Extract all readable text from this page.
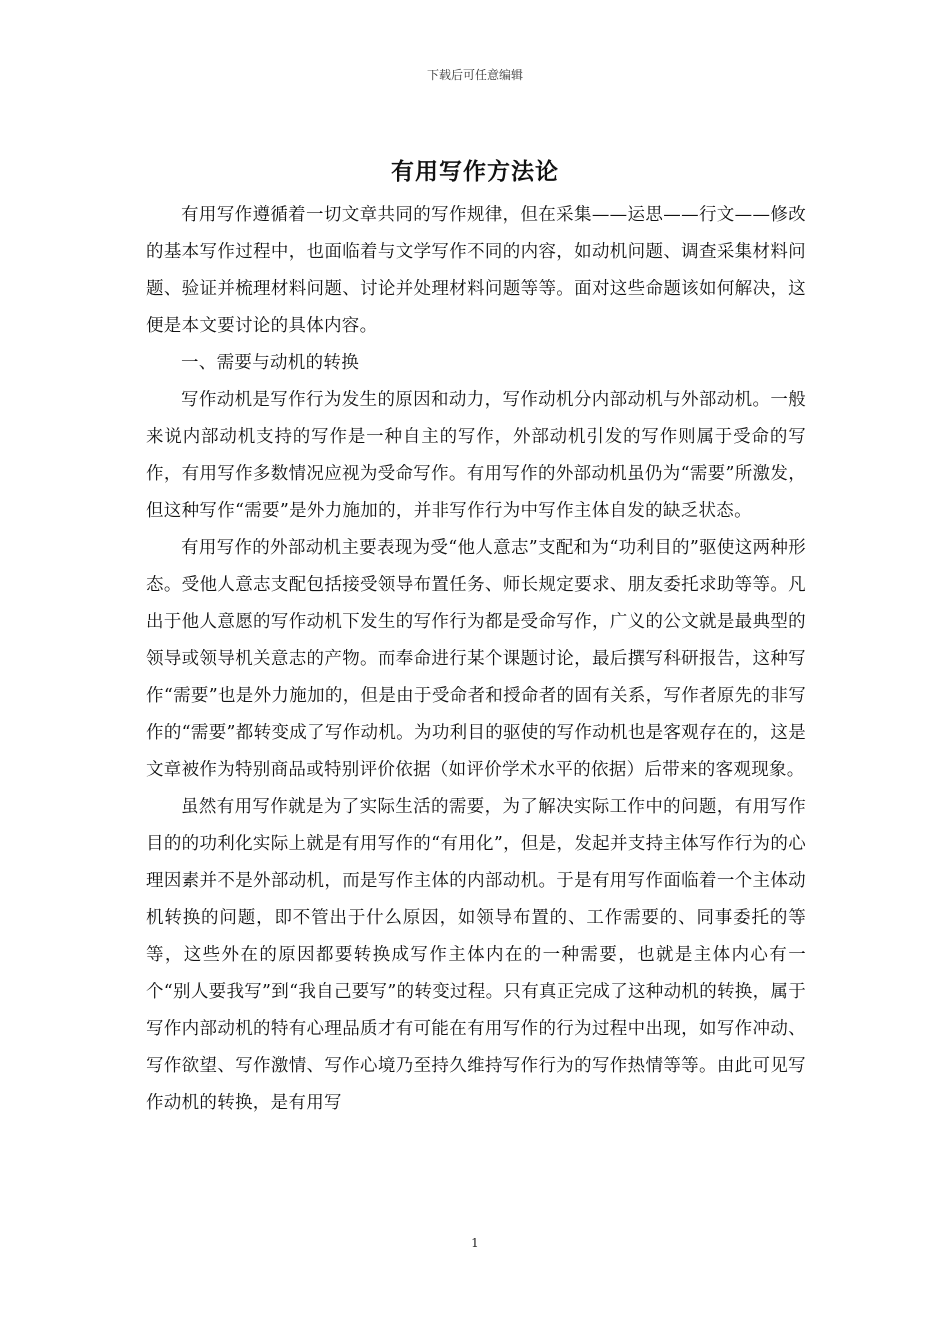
下载后可任意编辑
有用写作方法论

有用写作遵循着一切文章共同的写作规律，但在采集——运思——行文——修改的基本写作过程中，也面临着与文学写作不同的内容，如动机问题、调查采集材料问题、验证并梳理材料问题、讨论并处理材料问题等等。面对这些命题该如何解决，这便是本文要讨论的具体内容。

一、需要与动机的转换

写作动机是写作行为发生的原因和动力，写作动机分内部动机与外部动机。一般来说内部动机支持的写作是一种自主的写作，外部动机引发的写作则属于受命的写作，有用写作多数情况应视为受命写作。有用写作的外部动机虽仍为“需要”所激发，但这种写作“需要”是外力施加的，并非写作行为中写作主体自发的缺乏状态。

有用写作的外部动机主要表现为受“他人意志”支配和为“功利目的”驱使这两种形态。受他人意志支配包括接受领导布置任务、师长规定要求、朋友委托求助等等。凡出于他人意愿的写作动机下发生的写作行为都是受命写作，广义的公文就是最典型的领导或领导机关意志的产物。而奉命进行某个课题讨论，最后撰写科研报告，这种写作“需要”也是外力施加的，但是由于受命者和授命者的固有关系，写作者原先的非写作的“需要”都转变成了写作动机。为功利目的驱使的写作动机也是客观存在的，这是文章被作为特别商品或特别评价依据（如评价学术水平的依据）后带来的客观现象。

虽然有用写作就是为了实际生活的需要，为了解决实际工作中的问题，有用写作目的的功利化实际上就是有用写作的“有用化”，但是，发起并支持主体写作行为的心理因素并不是外部动机，而是写作主体的内部动机。于是有用写作面临着一个主体动机转换的问题，即不管出于什么原因，如领导布置的、工作需要的、同事委托的等等，这些外在的原因都要转换成写作主体内在的一种需要，也就是主体内心有一个“别人要我写”到“我自己要写”的转变过程。只有真正完成了这种动机的转换，属于写作内部动机的特有心理品质才有可能在有用写作的行为过程中出现，如写作冲动、写作欲望、写作激情、写作心境乃至持久维持写作行为的写作热情等等。由此可见写作动机的转换，是有用写

1
